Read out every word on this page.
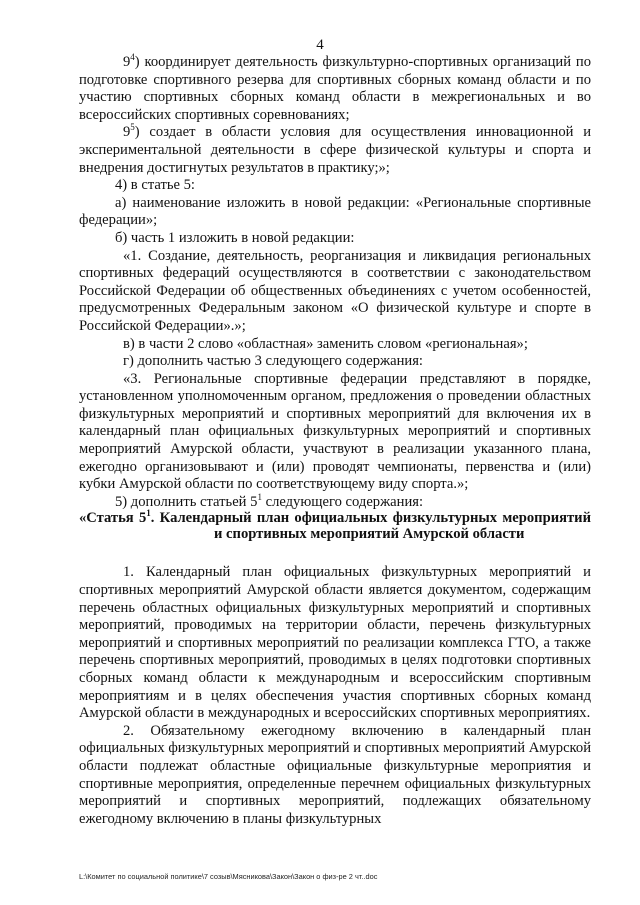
4

$9^4$) координирует деятельность физкультурно-спортивных организаций по подготовке спортивного резерва для спортивных сборных команд области и по участию спортивных сборных команд области в межрегиональных и во всероссийских спортивных соревнованиях;

$9^5$) создает в области условия для осуществления инновационной и экспериментальной деятельности в сфере физической культуры и спорта и внедрения достигнутых результатов в практику;»;

4) в статье 5:

а) наименование изложить в новой редакции: «Региональные спортивные федерации»;

б) часть 1 изложить в новой редакции:

«1. Создание, деятельность, реорганизация и ликвидация региональных спортивных федераций осуществляются в соответствии с законодательством Российской Федерации об общественных объединениях с учетом особенностей, предусмотренных Федеральным законом «О физической культуре и спорте в Российской Федерации».»;

в) в части 2 слово «областная» заменить словом «региональная»;

г) дополнить частью 3 следующего содержания:

«3. Региональные спортивные федерации представляют в порядке, установленном уполномоченным органом, предложения о проведении областных физкультурных мероприятий и спортивных мероприятий для включения их в календарный план официальных физкультурных мероприятий и спортивных мероприятий Амурской области, участвуют в реализации указанного плана, ежегодно организовывают и (или) проводят чемпионаты, первенства и (или) кубки Амурской области по соответствующему виду спорта.»;

5) дополнить статьей $5^1$ следующего содержания:

«Статья $5^1$. Календарный план официальных физкультурных мероприятий и спортивных мероприятий Амурской области

1. Календарный план официальных физкультурных мероприятий и спортивных мероприятий Амурской области является документом, содержащим перечень областных официальных физкультурных мероприятий и спортивных мероприятий, проводимых на территории области, перечень физкультурных мероприятий и спортивных мероприятий по реализации комплекса ГТО, а также перечень спортивных мероприятий, проводимых в целях подготовки спортивных сборных команд области к международным и всероссийским спортивным мероприятиям и в целях обеспечения участия спортивных сборных команд Амурской области в международных и всероссийских спортивных мероприятиях.

2. Обязательному ежегодному включению в календарный план официальных физкультурных мероприятий и спортивных мероприятий Амурской области подлежат областные официальные физкультурные мероприятия и спортивные мероприятия, определенные перечнем официальных физкультурных мероприятий и спортивных мероприятий, подлежащих обязательному ежегодному включению в планы физкультурных

L:\Комитет по социальной политике\7 созыв\Мясникова\Закон\Закон о физ-ре 2 чт..doc
